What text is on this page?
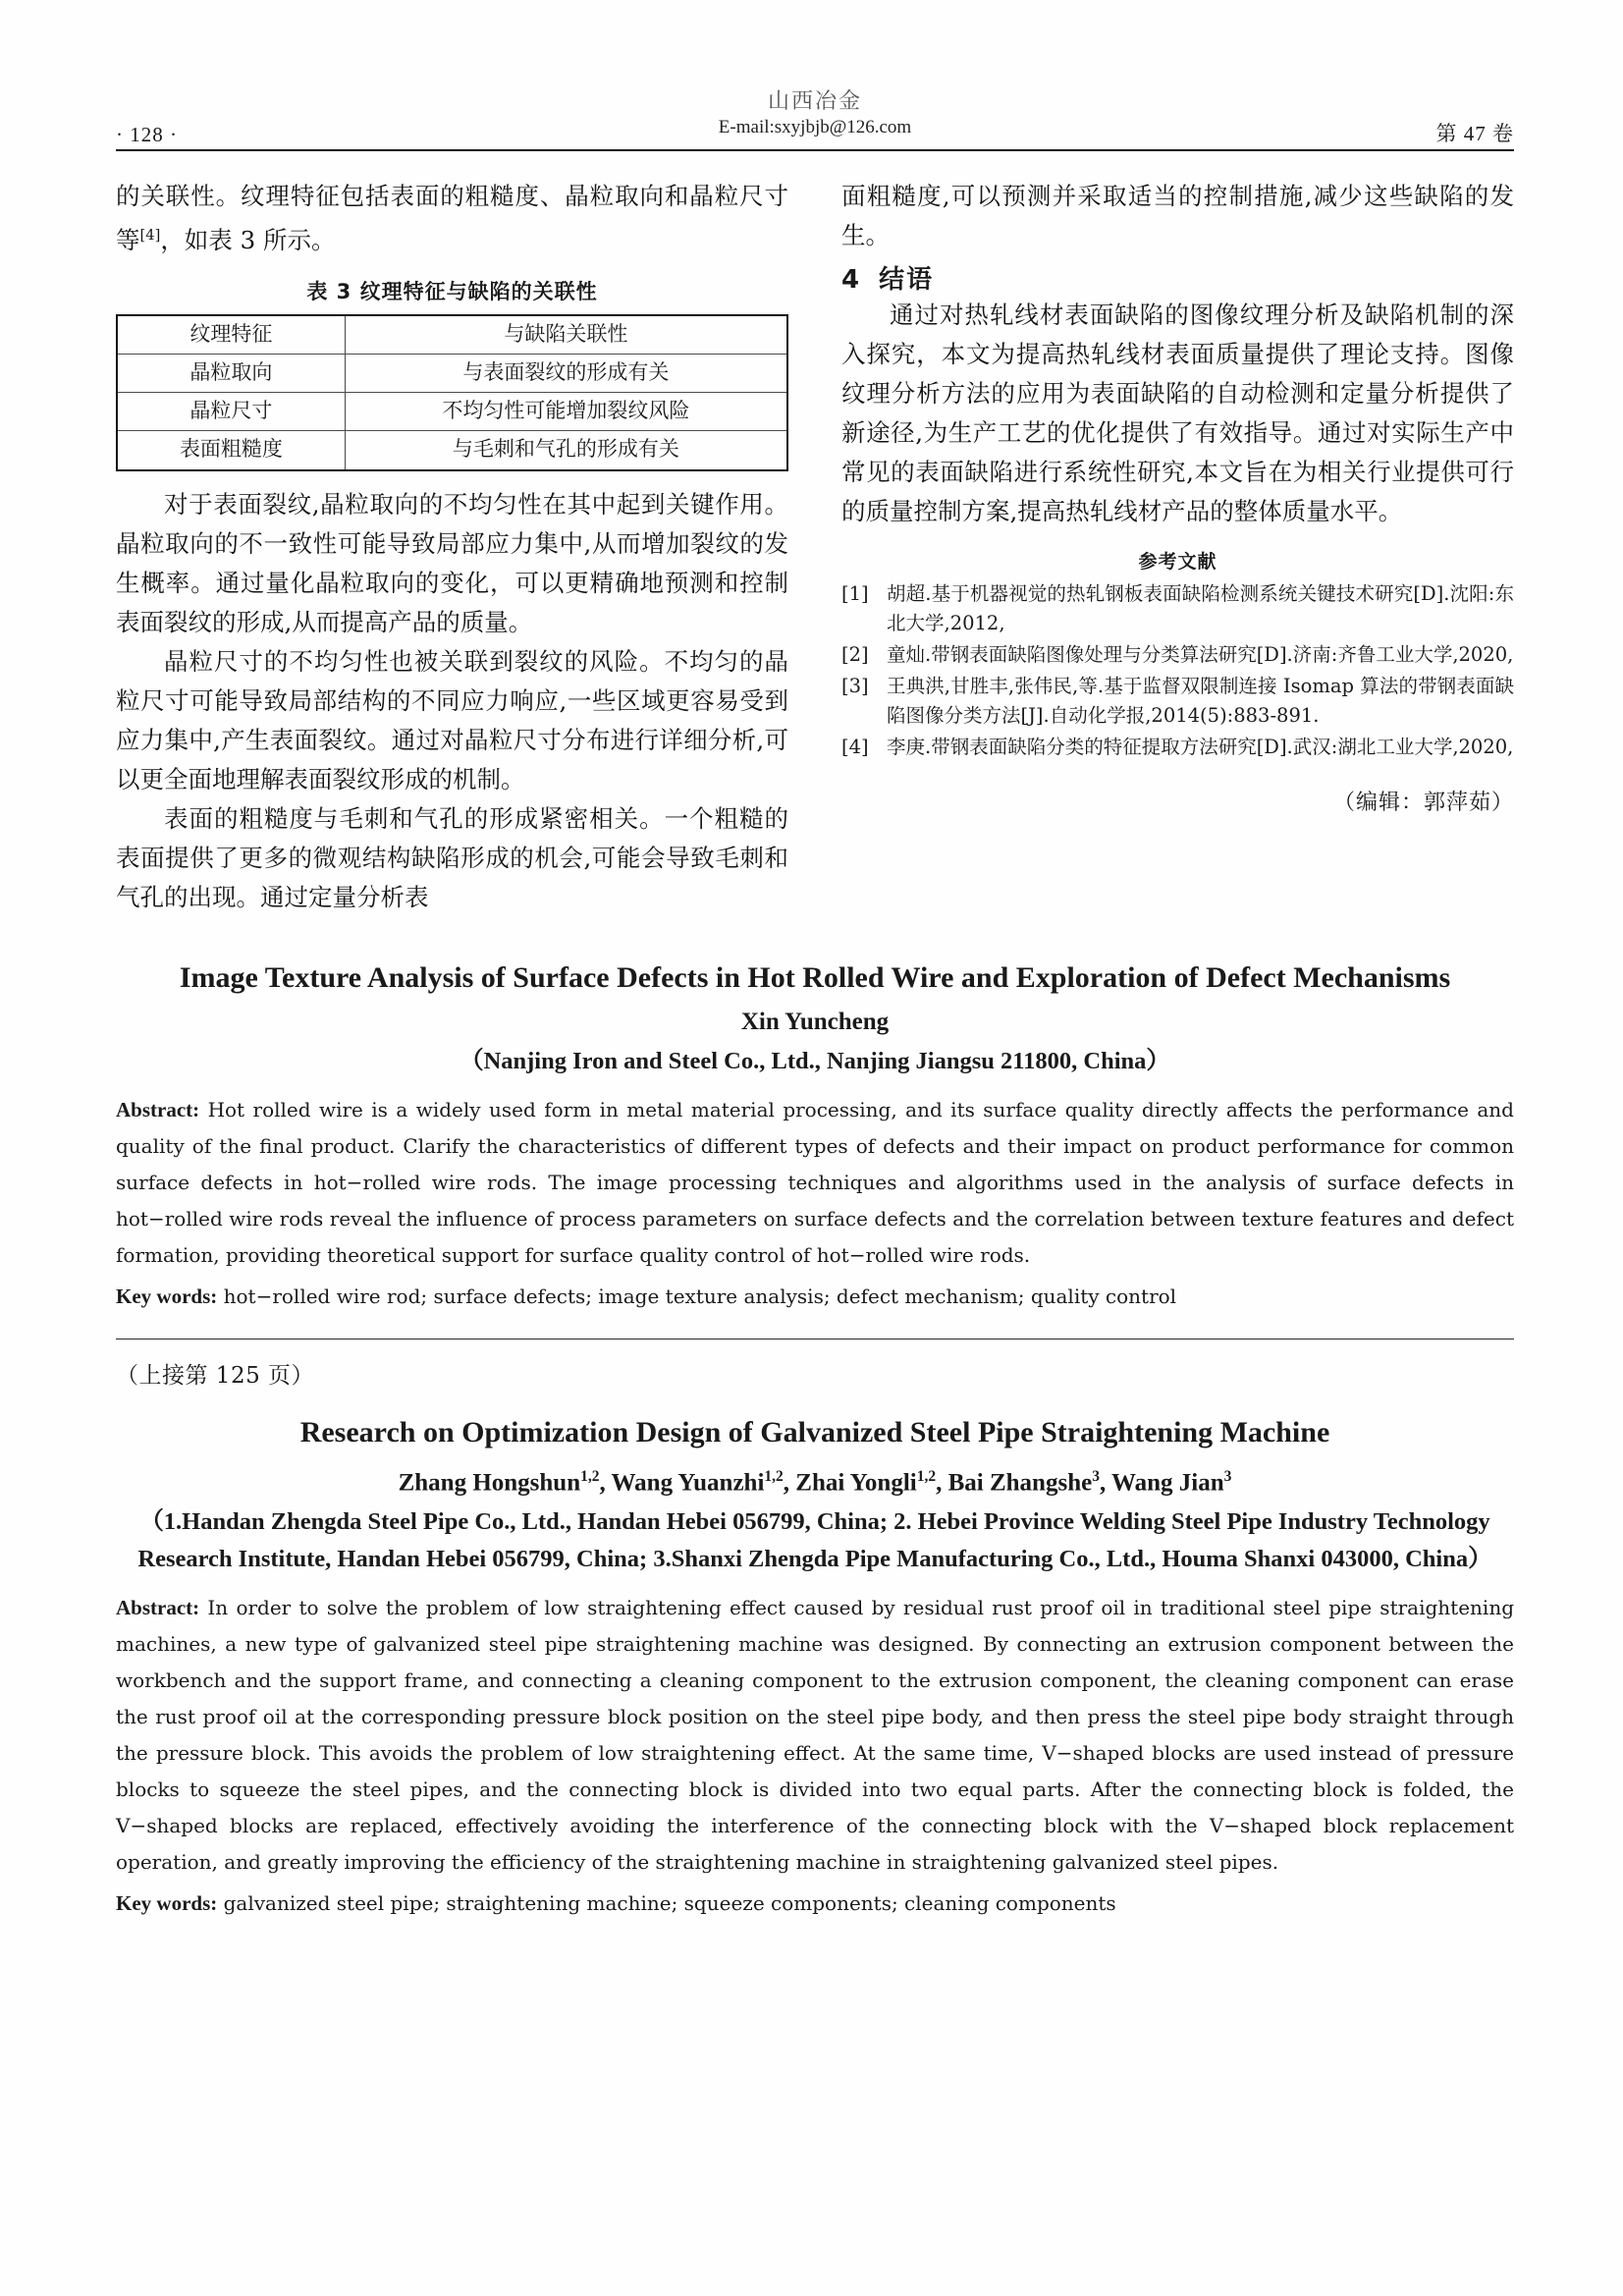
· 128 ·
山西冶金
E-mail:sxyjbjb@126.com	第 47 卷

的关联性。纹理特征包括表面的粗糙度、晶粒取向和晶粒尺寸等[4]，如表 3 所示。

表 3 纹理特征与缺陷的关联性
纹理特征	与缺陷关联性
晶粒取向	与表面裂纹的形成有关
晶粒尺寸	不均匀性可能增加裂纹风险
表面粗糙度	与毛刺和气孔的形成有关

对于表面裂纹,晶粒取向的不均匀性在其中起到关键作用。晶粒取向的不一致性可能导致局部应力集中,从而增加裂纹的发生概率。通过量化晶粒取向的变化，可以更精确地预测和控制表面裂纹的形成,从而提高产品的质量。

晶粒尺寸的不均匀性也被关联到裂纹的风险。不均匀的晶粒尺寸可能导致局部结构的不同应力响应,一些区域更容易受到应力集中,产生表面裂纹。通过对晶粒尺寸分布进行详细分析,可以更全面地理解表面裂纹形成的机制。

表面的粗糙度与毛刺和气孔的形成紧密相关。一个粗糙的表面提供了更多的微观结构缺陷形成的机会,可能会导致毛刺和气孔的出现。通过定量分析表

面粗糙度,可以预测并采取适当的控制措施,减少这些缺陷的发生。

4 结语

通过对热轧线材表面缺陷的图像纹理分析及缺陷机制的深入探究，本文为提高热轧线材表面质量提供了理论支持。图像纹理分析方法的应用为表面缺陷的自动检测和定量分析提供了新途径,为生产工艺的优化提供了有效指导。通过对实际生产中常见的表面缺陷进行系统性研究,本文旨在为相关行业提供可行的质量控制方案,提高热轧线材产品的整体质量水平。

参考文献
[1] 胡超.基于机器视觉的热轧钢板表面缺陷检测系统关键技术研究[D].沈阳:东北大学,2012,
[2] 童灿.带钢表面缺陷图像处理与分类算法研究[D].济南:齐鲁工业大学,2020,
[3] 王典洪,甘胜丰,张伟民,等.基于监督双限制连接 Isomap 算法的带钢表面缺陷图像分类方法[J].自动化学报,2014(5):883-891.
[4] 李庚.带钢表面缺陷分类的特征提取方法研究[D].武汉:湖北工业大学,2020,
（编辑：郭萍茹）
Image Texture Analysis of Surface Defects in Hot Rolled Wire and Exploration of Defect Mechanisms
Xin Yuncheng
（Nanjing Iron and Steel Co., Ltd., Nanjing Jiangsu 211800, China）
Abstract: Hot rolled wire is a widely used form in metal material processing, and its surface quality directly affects the performance and quality of the final product. Clarify the characteristics of different types of defects and their impact on product performance for common surface defects in hot−rolled wire rods. The image processing techniques and algorithms used in the analysis of surface defects in hot−rolled wire rods reveal the influence of process parameters on surface defects and the correlation between texture features and defect formation, providing theoretical support for surface quality control of hot−rolled wire rods.
Key words: hot−rolled wire rod; surface defects; image texture analysis; defect mechanism; quality control
（上接第 125 页）
Research on Optimization Design of Galvanized Steel Pipe Straightening Machine
Zhang Hongshun$^{1,2}$, Wang Yuanzhi$^{1,2}$, Zhai Yongli$^{1,2}$, Bai Zhangshe$^3$, Wang Jian$^3$
（1.Handan Zhengda Steel Pipe Co., Ltd., Handan Hebei 056799, China; 2. Hebei Province Welding Steel Pipe Industry Technology Research Institute, Handan Hebei 056799, China; 3.Shanxi Zhengda Pipe Manufacturing Co., Ltd., Houma Shanxi 043000, China）
Abstract: In order to solve the problem of low straightening effect caused by residual rust proof oil in traditional steel pipe straightening machines, a new type of galvanized steel pipe straightening machine was designed. By connecting an extrusion component between the workbench and the support frame, and connecting a cleaning component to the extrusion component, the cleaning component can erase the rust proof oil at the corresponding pressure block position on the steel pipe body, and then press the steel pipe body straight through the pressure block. This avoids the problem of low straightening effect. At the same time, V−shaped blocks are used instead of pressure blocks to squeeze the steel pipes, and the connecting block is divided into two equal parts. After the connecting block is folded, the V−shaped blocks are replaced, effectively avoiding the interference of the connecting block with the V−shaped block replacement operation, and greatly improving the efficiency of the straightening machine in straightening galvanized steel pipes.
Key words: galvanized steel pipe; straightening machine; squeeze components; cleaning components
